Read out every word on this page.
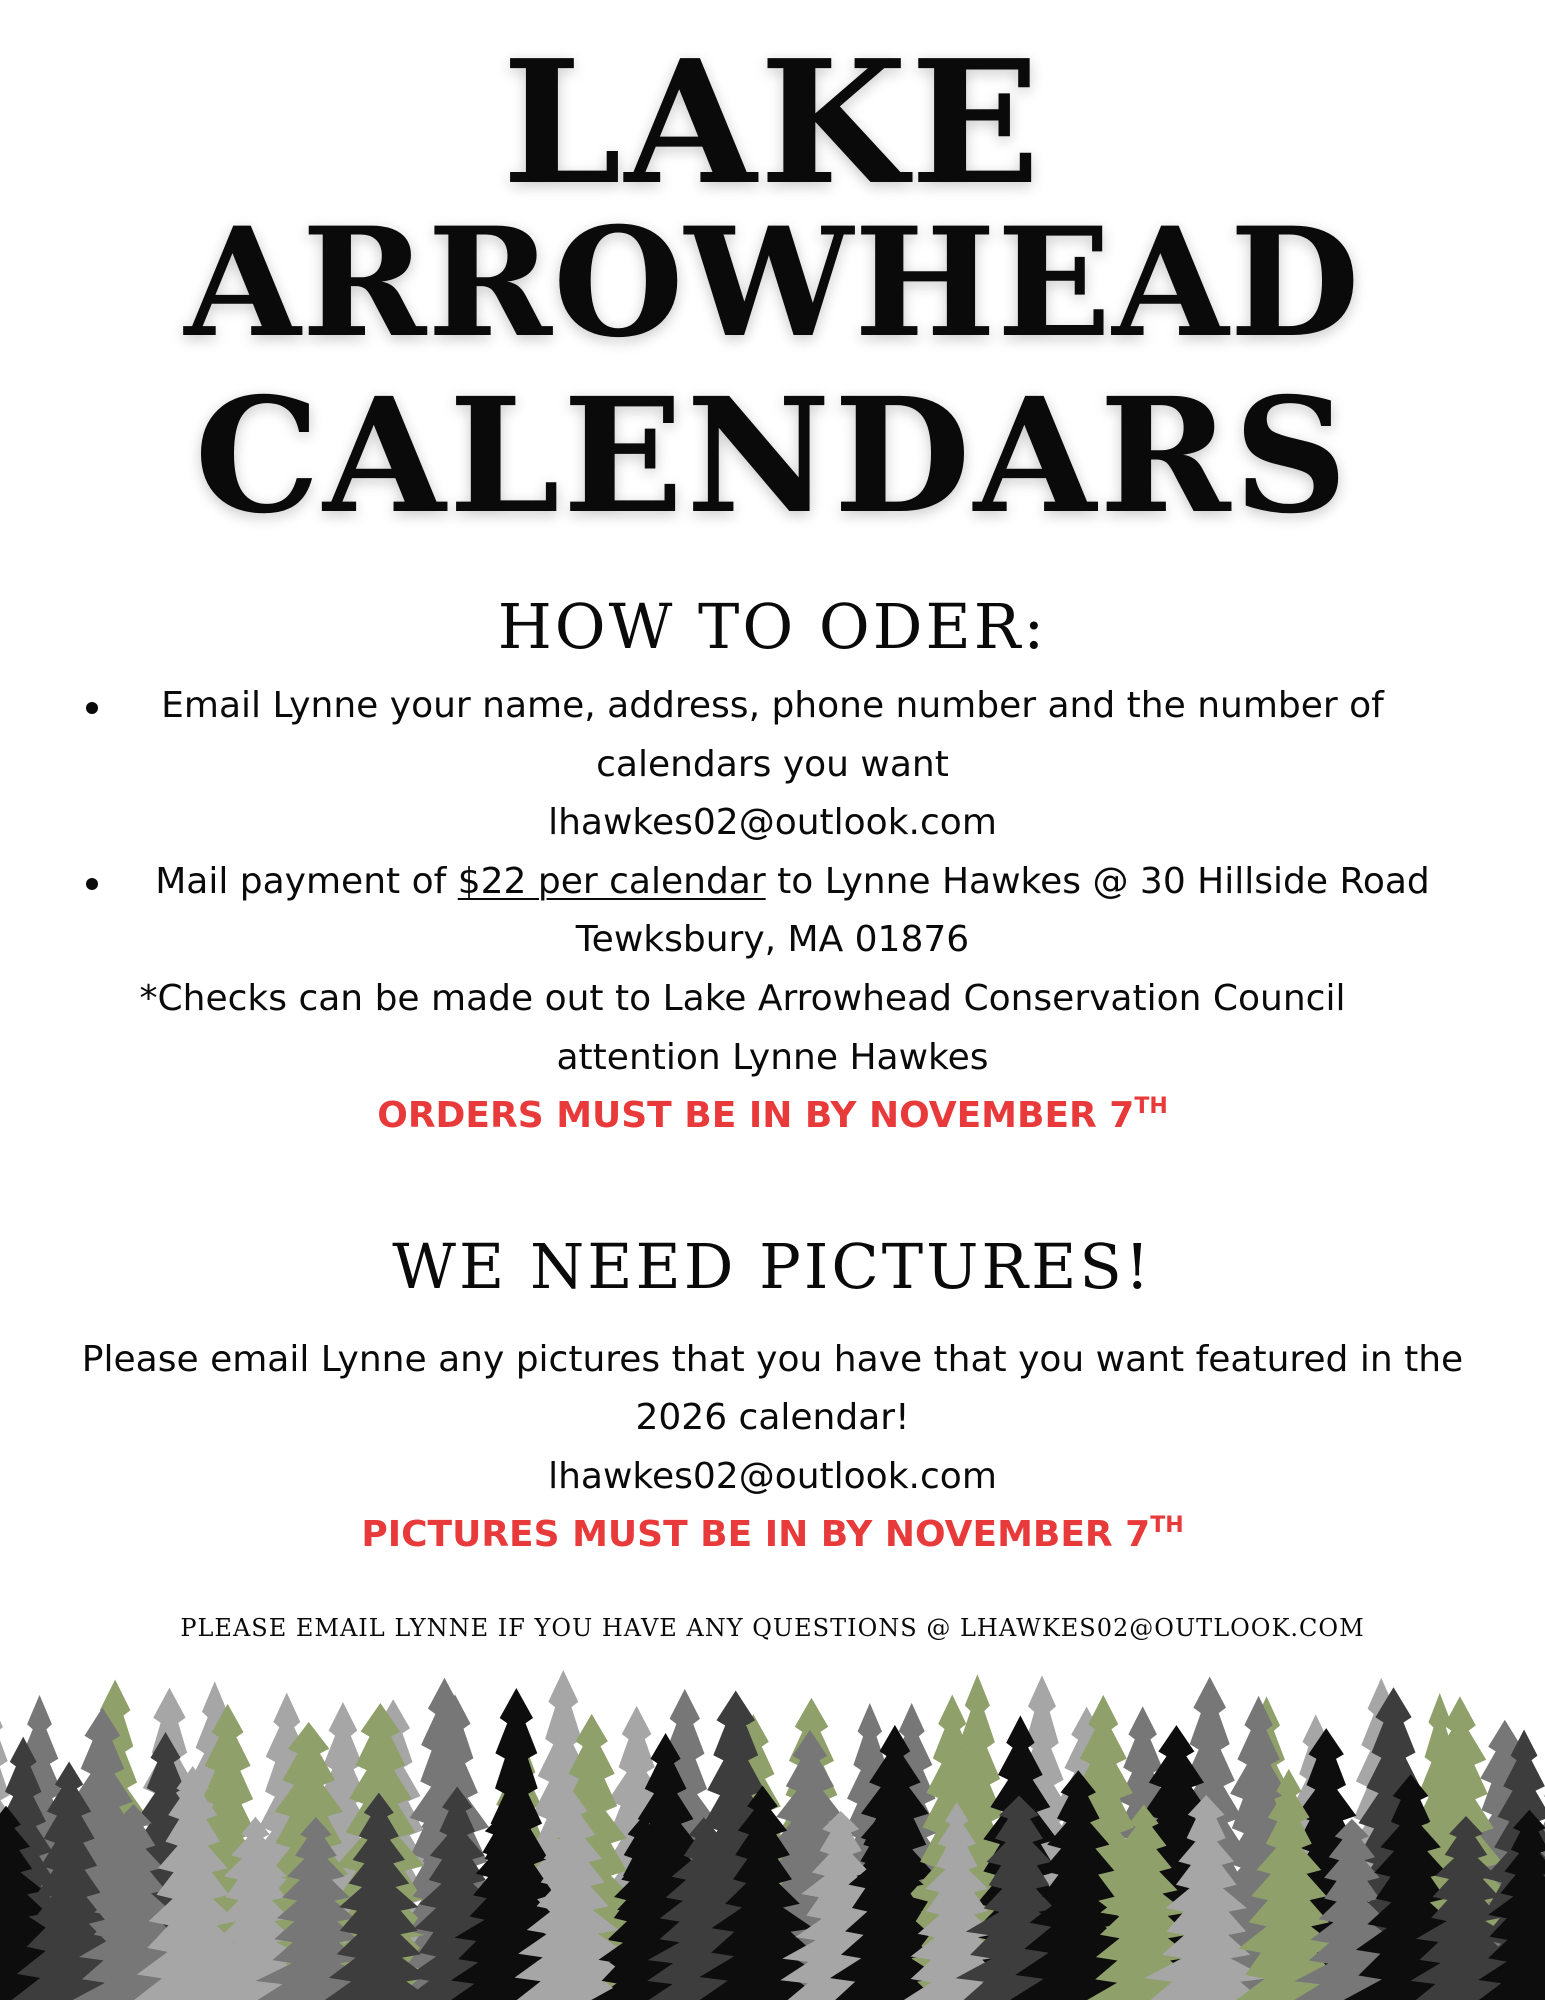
LAKE
ARROWHEAD
CALENDARS
HOW TO ODER:
Email Lynne your name, address, phone number and the number of
calendars you want
lhawkes02@outlook.com
Mail payment of $22 per calendar to Lynne Hawkes @ 30 Hillside Road
Tewksbury, MA 01876
*Checks can be made out to Lake Arrowhead Conservation Council
attention Lynne Hawkes
ORDERS MUST BE IN BY NOVEMBER 7TH
WE NEED PICTURES!
Please email Lynne any pictures that you have that you want featured in the
2026 calendar!
lhawkes02@outlook.com
PICTURES MUST BE IN BY NOVEMBER 7TH
PLEASE EMAIL LYNNE IF YOU HAVE ANY QUESTIONS @ LHAWKES02@OUTLOOK.COM
